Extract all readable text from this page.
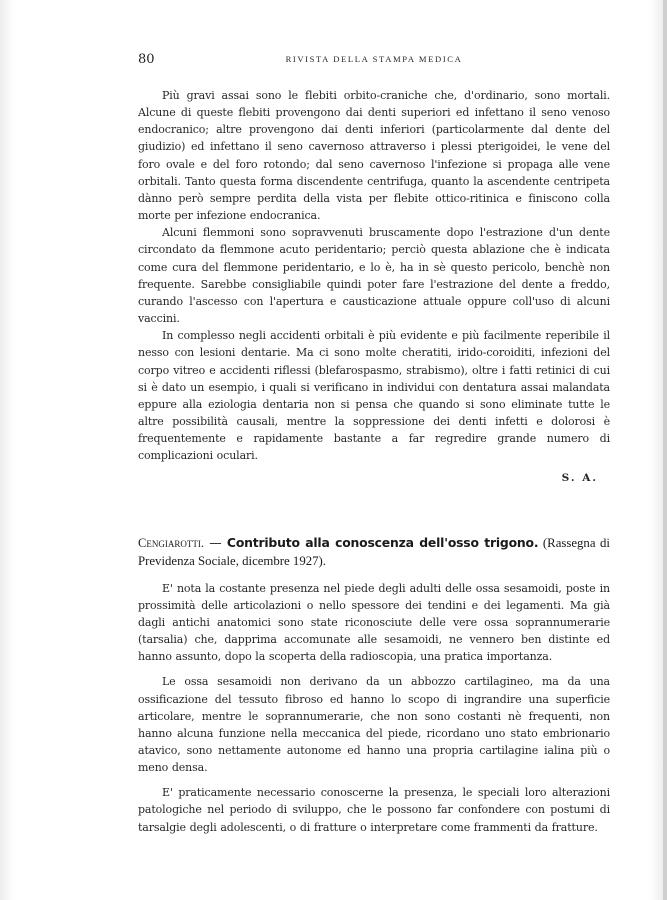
80	RIVISTA DELLA STAMPA MEDICA

Più gravi assai sono le flebiti orbito-craniche che, d'ordinario, sono mortali. Alcune di queste flebiti provengono dai denti superiori ed infettano il seno venoso endocranico; altre provengono dai denti inferiori (particolarmente dal dente del giudizio) ed infettano il seno cavernoso attraverso i plessi pterigoidei, le vene del foro ovale e del foro rotondo; dal seno cavernoso l'infezione si propaga alle vene orbitali. Tanto questa forma discendente centrifuga, quanto la ascendente centripeta dànno però sempre perdita della vista per flebite ottico-ritinica e finiscono colla morte per infezione endocranica.

Alcuni flemmoni sono sopravvenuti bruscamente dopo l'estrazione d'un dente circondato da flemmone acuto peridentario; perciò questa ablazione che è indicata come cura del flemmone peridentario, e lo è, ha in sè questo pericolo, benchè non frequente. Sarebbe consigliabile quindi poter fare l'estrazione del dente a freddo, curando l'ascesso con l'apertura e causticazione attuale oppure coll'uso di alcuni vaccini.

In complesso negli accidenti orbitali è più evidente e più facilmente reperibile il nesso con lesioni dentarie. Ma ci sono molte cheratiti, irido-coroiditi, infezioni del corpo vitreo e accidenti riflessi (blefarospasmo, strabismo), oltre i fatti retinici di cui si è dato un esempio, i quali si verificano in individui con dentatura assai malandata eppure alla eziologia dentaria non si pensa che quando si sono eliminate tutte le altre possibilità causali, mentre la soppressione dei denti infetti e dolorosi è frequentemente e rapidamente bastante a far regredire grande numero di complicazioni oculari.

S. A.

Cengiarotti. — Contributo alla conoscenza dell'osso trigono. (Rassegna di Previdenza Sociale, dicembre 1927).

E' nota la costante presenza nel piede degli adulti delle ossa sesamoidi, poste in prossimità delle articolazioni o nello spessore dei tendini e dei legamenti. Ma già dagli antichi anatomici sono state riconosciute delle vere ossa soprannumerarie (tarsalia) che, dapprima accomunate alle sesamoidi, ne vennero ben distinte ed hanno assunto, dopo la scoperta della radioscopia, una pratica importanza.

Le ossa sesamoidi non derivano da un abbozzo cartilagineo, ma da una ossificazione del tessuto fibroso ed hanno lo scopo di ingrandire una superficie articolare, mentre le soprannumerarie, che non sono costanti nè frequenti, non hanno alcuna funzione nella meccanica del piede, ricordano uno stato embrionario atavico, sono nettamente autonome ed hanno una propria cartilagine ialina più o meno densa.

E' praticamente necessario conoscerne la presenza, le speciali loro alterazioni patologiche nel periodo di sviluppo, che le possono far confondere con postumi di tarsalgie degli adolescenti, o di fratture o interpretare come frammenti da fratture.
